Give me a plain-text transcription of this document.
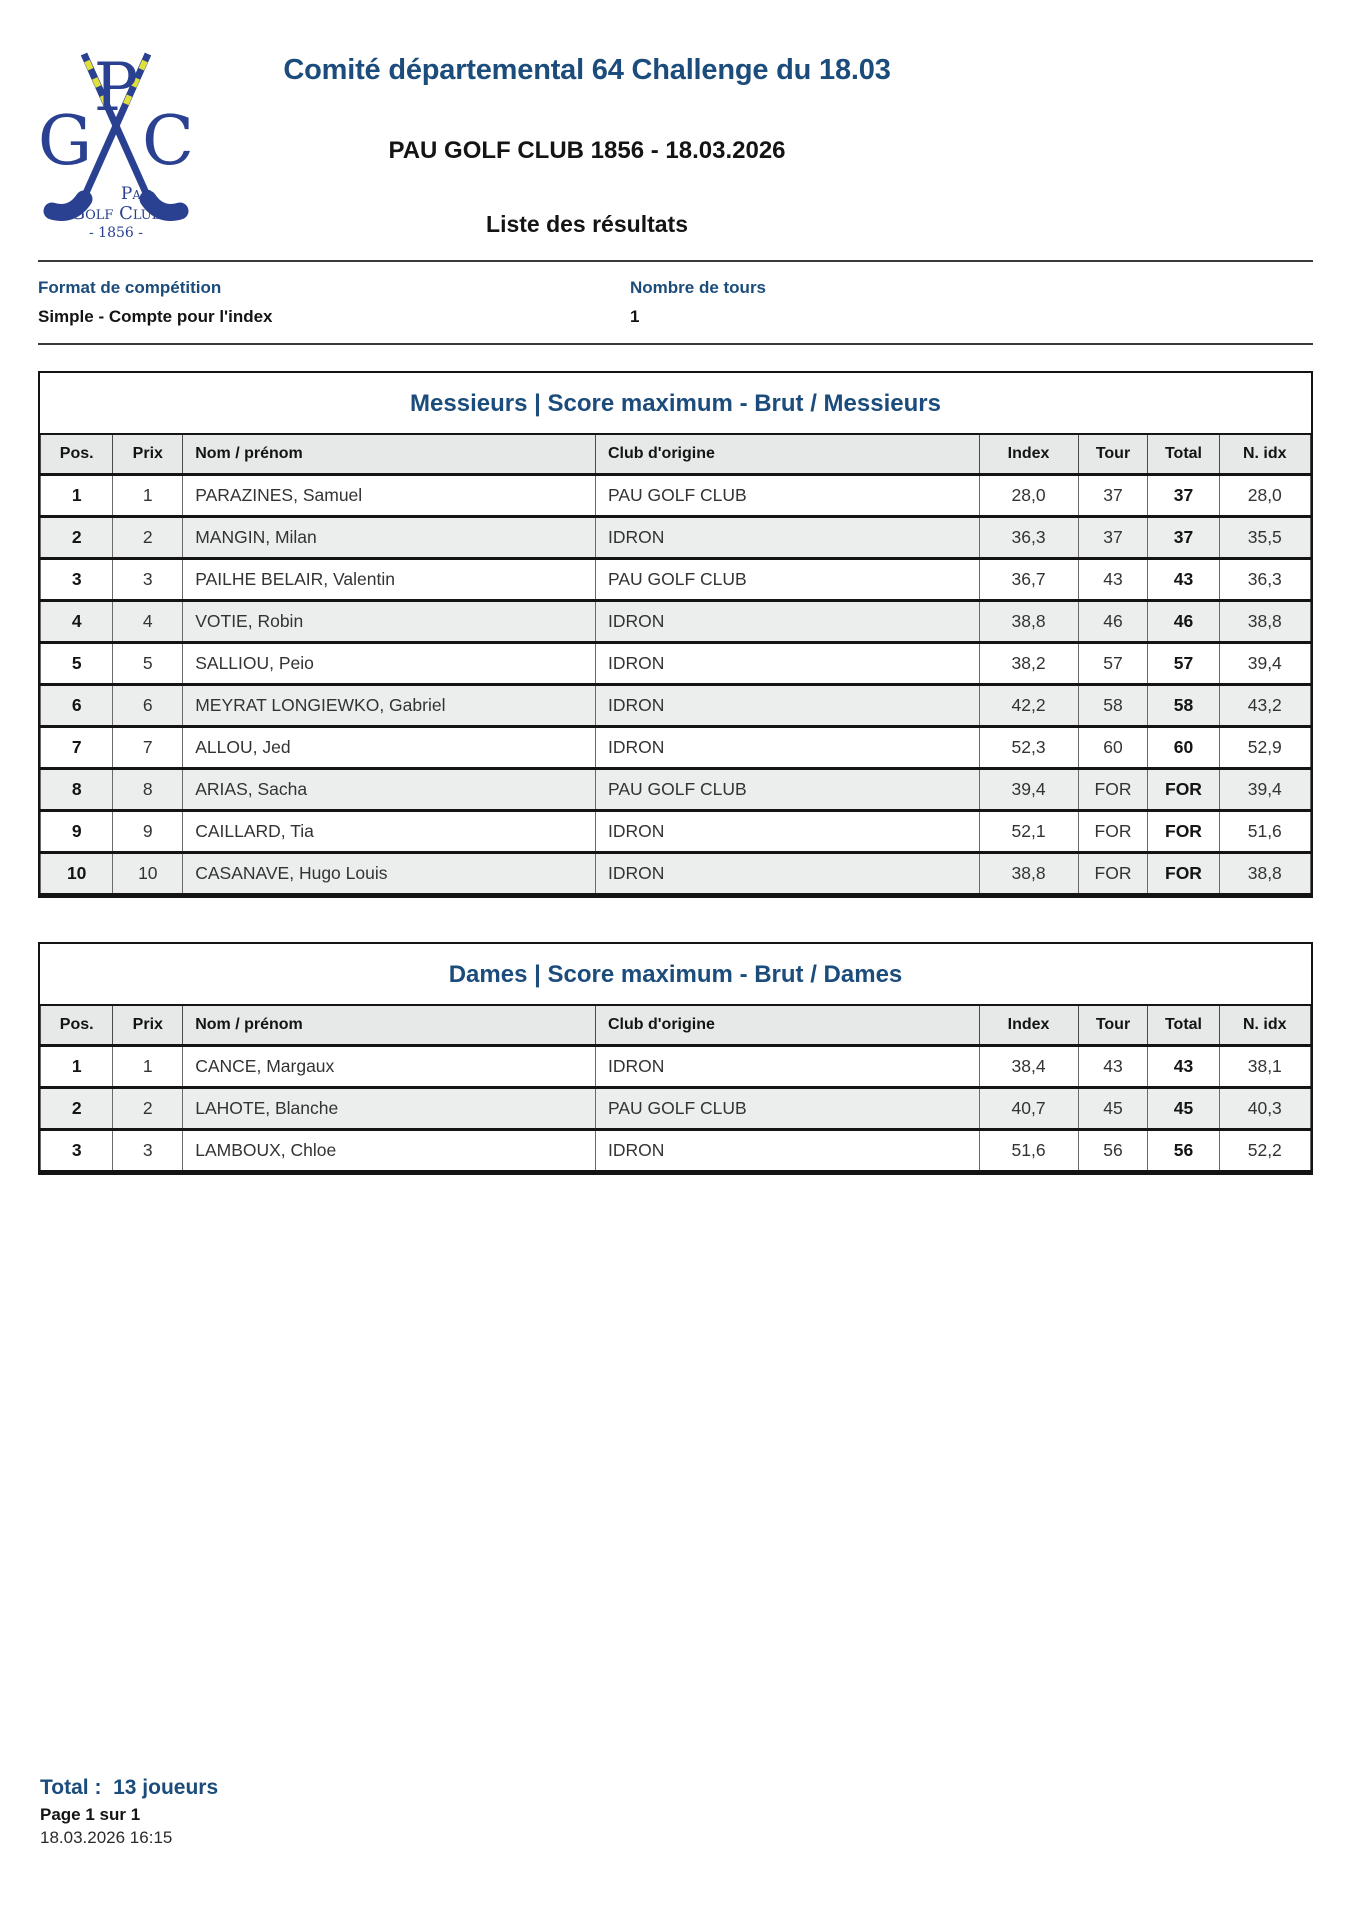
P
G C
Pau
Golf Club
- 1856 -
Comité départemental 64 Challenge du 18.03
PAU GOLF CLUB 1856 - 18.03.2026
Liste des résultats
Format de compétition
Simple - Compte pour l'index
Nombre de tours
1
Messieurs | Score maximum - Brut / Messieurs
Pos.	Prix	Nom / prénom	Club d'origine	Index	Tour	Total	N. idx
1	1	PARAZINES, Samuel	PAU GOLF CLUB	28,0	37	37	28,0
2	2	MANGIN, Milan	IDRON	36,3	37	37	35,5
3	3	PAILHE BELAIR, Valentin	PAU GOLF CLUB	36,7	43	43	36,3
4	4	VOTIE, Robin	IDRON	38,8	46	46	38,8
5	5	SALLIOU, Peio	IDRON	38,2	57	57	39,4
6	6	MEYRAT LONGIEWKO, Gabriel	IDRON	42,2	58	58	43,2
7	7	ALLOU, Jed	IDRON	52,3	60	60	52,9
8	8	ARIAS, Sacha	PAU GOLF CLUB	39,4	FOR	FOR	39,4
9	9	CAILLARD, Tia	IDRON	52,1	FOR	FOR	51,6
10	10	CASANAVE, Hugo Louis	IDRON	38,8	FOR	FOR	38,8
Dames | Score maximum - Brut / Dames
Pos.	Prix	Nom / prénom	Club d'origine	Index	Tour	Total	N. idx
1	1	CANCE, Margaux	IDRON	38,4	43	43	38,1
2	2	LAHOTE, Blanche	PAU GOLF CLUB	40,7	45	45	40,3
3	3	LAMBOUX, Chloe	IDRON	51,6	56	56	52,2
Total :  13 joueurs
Page 1 sur 1
18.03.2026 16:15
